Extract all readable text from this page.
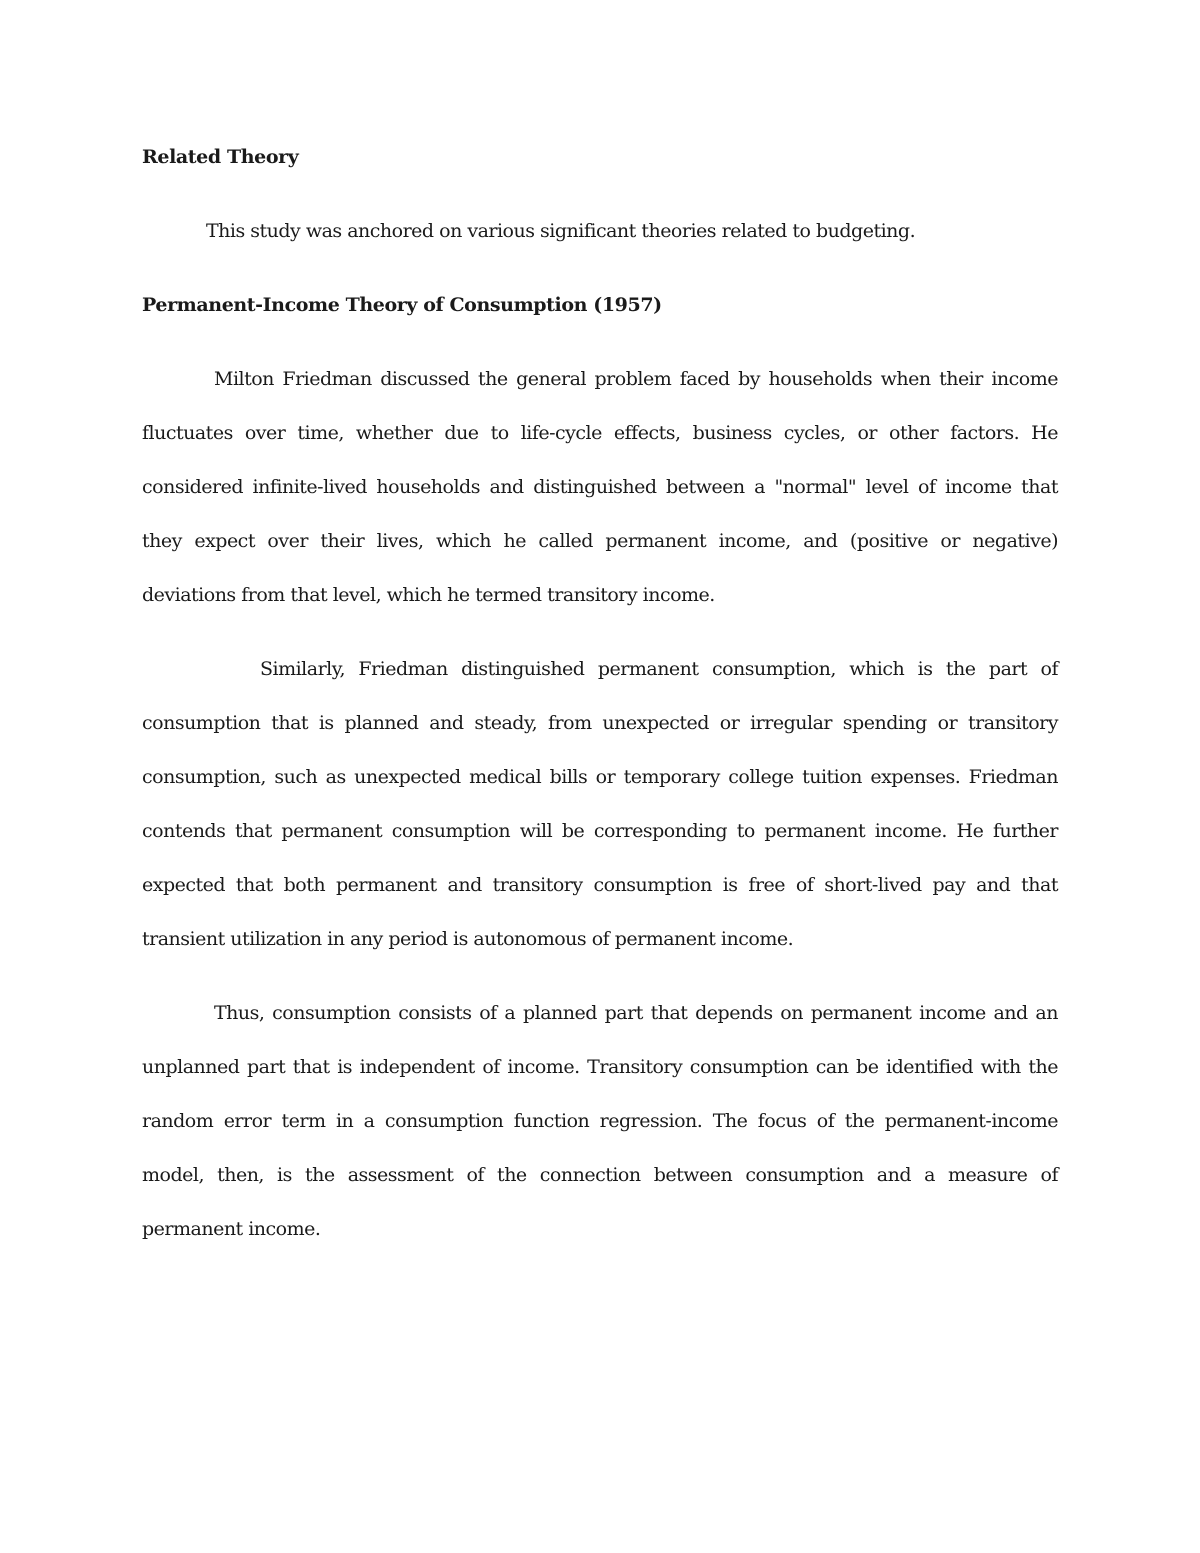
Related Theory

This study was anchored on various significant theories related to budgeting.

Permanent-Income Theory of Consumption (1957)

Milton Friedman discussed the general problem faced by households when their income fluctuates over time, whether due to life-cycle effects, business cycles, or other factors. He considered infinite-lived households and distinguished between a "normal" level of income that they expect over their lives, which he called permanent income, and (positive or negative) deviations from that level, which he termed transitory income.

Similarly, Friedman distinguished permanent consumption, which is the part of consumption that is planned and steady, from unexpected or irregular spending or transitory consumption, such as unexpected medical bills or temporary college tuition expenses. Friedman contends that permanent consumption will be corresponding to permanent income. He further expected that both permanent and transitory consumption is free of short-lived pay and that transient utilization in any period is autonomous of permanent income.

Thus, consumption consists of a planned part that depends on permanent income and an unplanned part that is independent of income. Transitory consumption can be identified with the random error term in a consumption function regression. The focus of the permanent-income model, then, is the assessment of the connection between consumption and a measure of permanent income.
